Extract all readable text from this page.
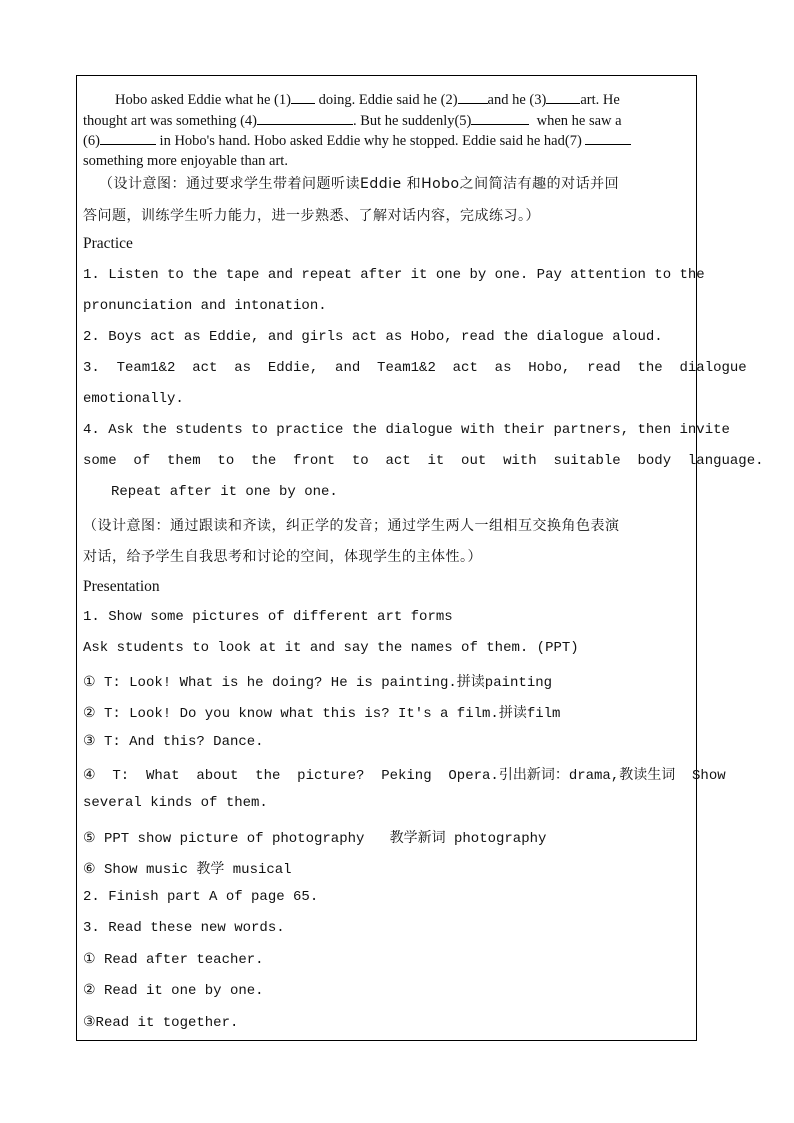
Hobo asked Eddie what he (1) doing. Eddie said he (2) and he (3) art. He
thought art was something (4)	. But he suddenly(5)	when he saw a
(6)	in Hobo's hand. Hobo asked Eddie why he stopped. Eddie said he had(7)
something more enjoyable than art.
（设计意图：通过要求学生带着问题听读Eddie 和Hobo之间简洁有趣的对话并回
答问题，训练学生听力能力，进一步熟悉、了解对话内容，完成练习。）
Practice
1. Listen to the tape and repeat after it one by one. Pay attention to the
pronunciation and intonation.
2. Boys act as Eddie, and girls act as Hobo, read the dialogue aloud.
3.  Team1&2  act  as  Eddie,  and  Team1&2  act  as  Hobo,  read  the  dialogue
emotionally.
4. Ask the students to practice the dialogue with their partners, then invite
some  of  them  to  the  front  to  act  it  out  with  suitable  body  language.
Repeat after it one by one.
（设计意图：通过跟读和齐读，纠正学的发音；通过学生两人一组相互交换角色表演
对话，给予学生自我思考和讨论的空间，体现学生的主体性。）
Presentation
1. Show some pictures of different art forms
Ask students to look at it and say the names of them. (PPT)
① T: Look! What is he doing? He is painting.拼读painting
② T: Look! Do you know what this is? It's a film.拼读film
③ T: And this? Dance.
④  T:  What  about  the  picture?  Peking  Opera.引出新词：drama,教读生词  Show
several kinds of them.
⑤ PPT show picture of photography   教学新词 photography
⑥ Show music 教学 musical
2. Finish part A of page 65.
3. Read these new words.
① Read after teacher.
② Read it one by one.
③Read it together.
